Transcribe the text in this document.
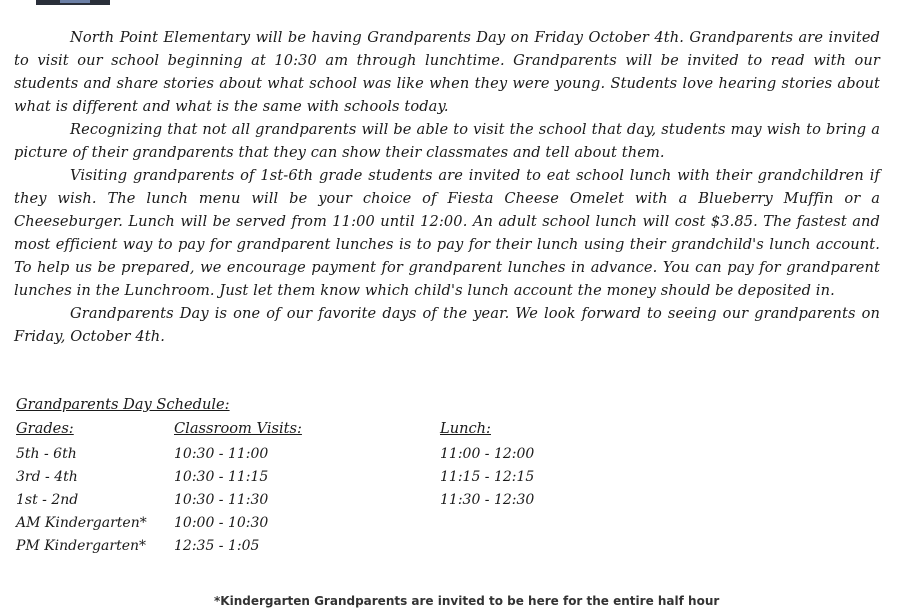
North Point Elementary will be having Grandparents Day on Friday October 4th. Grandparents are invited to visit our school beginning at 10:30 am through lunchtime. Grandparents will be invited to read with our students and share stories about what school was like when they were young. Students love hearing stories about what is different and what is the same with schools today.

Recognizing that not all grandparents will be able to visit the school that day, students may wish to bring a picture of their grandparents that they can show their classmates and tell about them.

Visiting grandparents of 1st-6th grade students are invited to eat school lunch with their grandchildren if they wish. The lunch menu will be your choice of Fiesta Cheese Omelet with a Blueberry Muffin or a Cheeseburger. Lunch will be served from 11:00 until 12:00. An adult school lunch will cost $3.85. The fastest and most efficient way to pay for grandparent lunches is to pay for their lunch using their grandchild's lunch account. To help us be prepared, we encourage payment for grandparent lunches in advance. You can pay for grandparent lunches in the Lunchroom. Just let them know which child's lunch account the money should be deposited in.

Grandparents Day is one of our favorite days of the year. We look forward to seeing our grandparents on Friday, October 4th.

Grandparents Day Schedule:
Grades:	Classroom Visits:	Lunch:
5th - 6th	10:30 - 11:00	11:00 - 12:00
3rd - 4th	10:30 - 11:15	11:15 - 12:15
1st - 2nd	10:30 - 11:30	11:30 - 12:30
AM Kindergarten* 10:00 - 10:30
PM Kindergarten* 12:35 - 1:05
*Kindergarten Grandparents are invited to be here for the entire half hour
